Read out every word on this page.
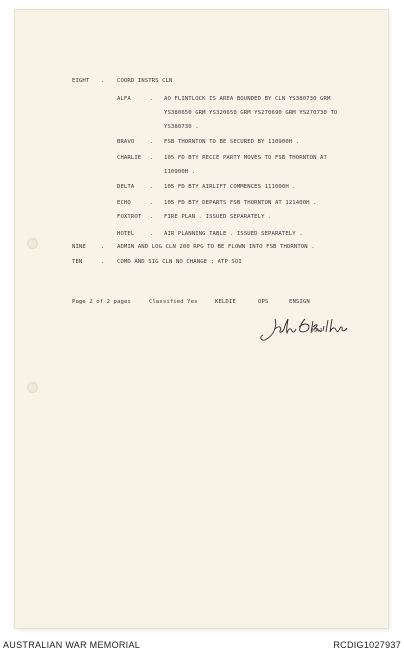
EIGHT . COORD INSTRS CLN
ALFA	. AO FLINTLOCK IS AREA BOUNDED BY CLN YS380730 GRM
YS380650 GRM YS320650 GRM YS270690 GRM YS270730 TO
YS380730 .
BRAVO	. FSB THORNTON TO BE SECURED BY 110900H .
CHARLIE . 105 FD BTY RECCE PARTY MOVES TO FSB THORNTON AT
110900H .
DELTA	. 105 FD BTY AIRLIFT COMMENCES 111000H .
ECHO	. 105 FD BTY DEPARTS FSB THORNTON AT 121400H .
FOXTROT . FIRE PLAN . ISSUED SEPARATELY .
HOTEL	. AIR PLANNING TABLE . ISSUED SEPARATELY .
NINE	. ADMIN AND LOG CLN 200 RPG TO BE FLOWN INTO FSB THORNTON .
TEN	. COMD AND SIG CLN NO CHANGE ; ATP SOI
Page 2 of 2 pages	Classified Yes	KELDIE	OPS	ENSIGN
MAJ
AUSTRALIAN WAR MEMORIAL	RCDIG1027937
